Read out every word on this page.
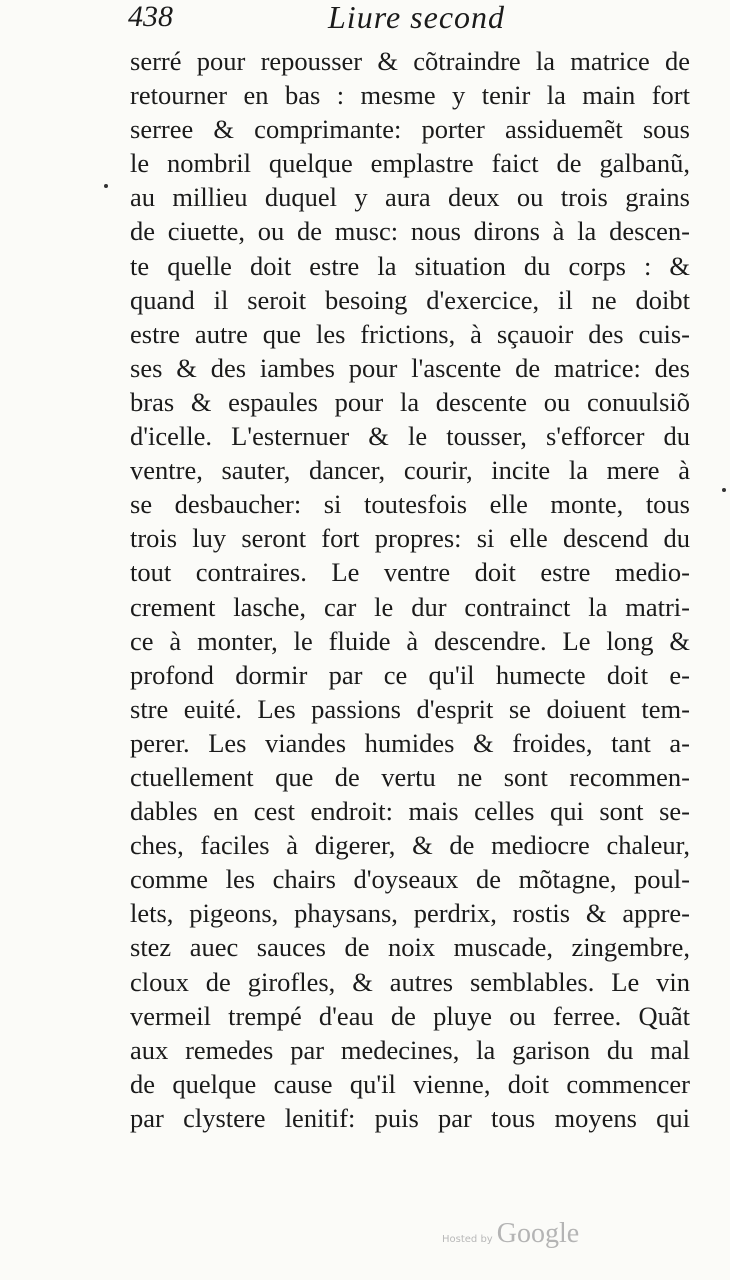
438	Liure second
serré pour repousser & cõtraindre la matrice de
retourner en bas : mesme y tenir la main fort
serree & comprimante: porter assiduemẽt sous
le nombril quelque emplastre faict de galbanũ,
au millieu duquel y aura deux ou trois grains
de ciuette, ou de musc: nous dirons à la descen-
te quelle doit estre la situation du corps : &
quand il seroit besoing d'exercice, il ne doibt
estre autre que les frictions, à sçauoir des cuis-
ses & des iambes pour l'ascente de matrice: des
bras & espaules pour la descente ou conuulsiõ
d'icelle. L'esternuer & le tousser, s'efforcer du
ventre, sauter, dancer, courir, incite la mere à
se desbaucher: si toutesfois elle monte, tous
trois luy seront fort propres: si elle descend du
tout contraires. Le ventre doit estre medio-
crement lasche, car le dur contrainct la matri-
ce à monter, le fluide à descendre. Le long &
profond dormir par ce qu'il humecte doit e-
stre euité. Les passions d'esprit se doiuent tem-
perer. Les viandes humides & froides, tant a-
ctuellement que de vertu ne sont recommen-
dables en cest endroit: mais celles qui sont se-
ches, faciles à digerer, & de mediocre chaleur,
comme les chairs d'oyseaux de mõtagne, poul-
lets, pigeons, phaysans, perdrix, rostis & appre-
stez auec sauces de noix muscade, zingembre,
cloux de girofles, & autres semblables. Le vin
vermeil trempé d'eau de pluye ou ferree. Quãt
aux remedes par medecines, la garison du mal
de quelque cause qu'il vienne, doit commencer
par clystere lenitif: puis par tous moyens qui
Hosted by Google
